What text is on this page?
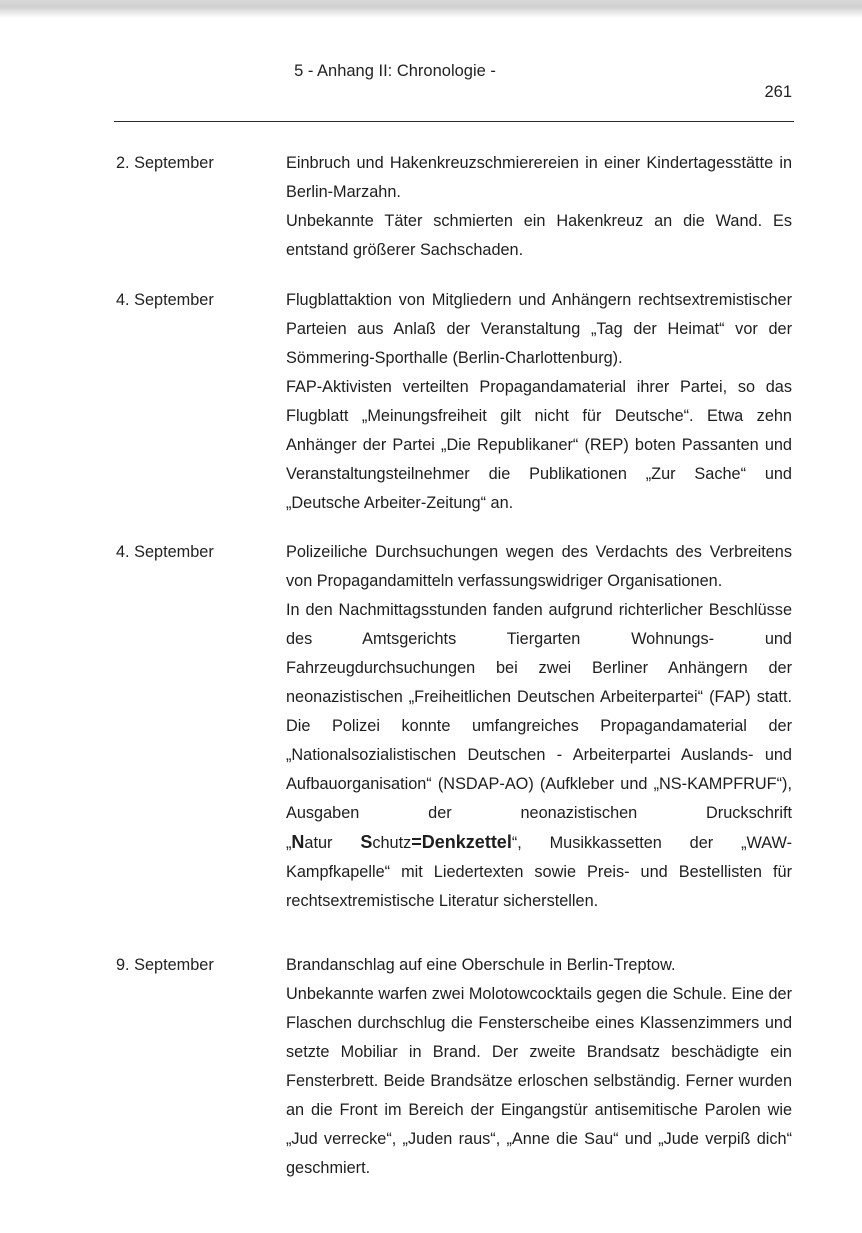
5 - Anhang II: Chronologie -
261
2. September	Einbruch und Hakenkreuzschmierereien in einer Kindertagesstätte in Berlin-Marzahn.

Unbekannte Täter schmierten ein Hakenkreuz an die Wand. Es entstand größerer Sachschaden.

4. September	Flugblattaktion von Mitgliedern und Anhängern rechtsextremistischer Parteien aus Anlaß der Veranstaltung „Tag der Heimat“ vor der Sömmering-Sporthalle (Berlin-Charlottenburg).

FAP-Aktivisten verteilten Propagandamaterial ihrer Partei, so das Flugblatt „Meinungsfreiheit gilt nicht für Deutsche“. Etwa zehn Anhänger der Partei „Die Republikaner“ (REP) boten Passanten und Veranstaltungsteilnehmer die Publikationen „Zur Sache“ und „Deutsche Arbeiter-Zeitung“ an.

4. September	Polizeiliche Durchsuchungen wegen des Verdachts des Verbreitens von Propagandamitteln verfassungswidriger Organisationen.

In den Nachmittagsstunden fanden aufgrund richterlicher Beschlüsse des Amtsgerichts Tiergarten Wohnungs- und Fahrzeugdurchsuchungen bei zwei Berliner Anhängern der neonazistischen „Freiheitlichen Deutschen Arbeiterpartei“ (FAP) statt. Die Polizei konnte umfangreiches Propagandamaterial der „Nationalsozialistischen Deutschen - Arbeiterpartei Auslands- und Aufbauorganisation“ (NSDAP-AO) (Aufkleber und „NS-KAMPFRUF“), Ausgaben der neonazistischen Druckschrift „Natur Schutz=Denkzettel“, Musikkassetten der „WAW-Kampfkapelle“ mit Liedertexten sowie Preis- und Bestellisten für rechtsextremistische Literatur sicherstellen.

9. September	Brandanschlag auf eine Oberschule in Berlin-Treptow.

Unbekannte warfen zwei Molotowcocktails gegen die Schule. Eine der Flaschen durchschlug die Fensterscheibe eines Klassenzimmers und setzte Mobiliar in Brand. Der zweite Brandsatz beschädigte ein Fensterbrett. Beide Brandsätze erloschen selbständig. Ferner wurden an die Front im Bereich der Eingangstür antisemitische Parolen wie „Jud verrecke“, „Juden raus“, „Anne die Sau“ und „Jude verpiß dich“ geschmiert.
